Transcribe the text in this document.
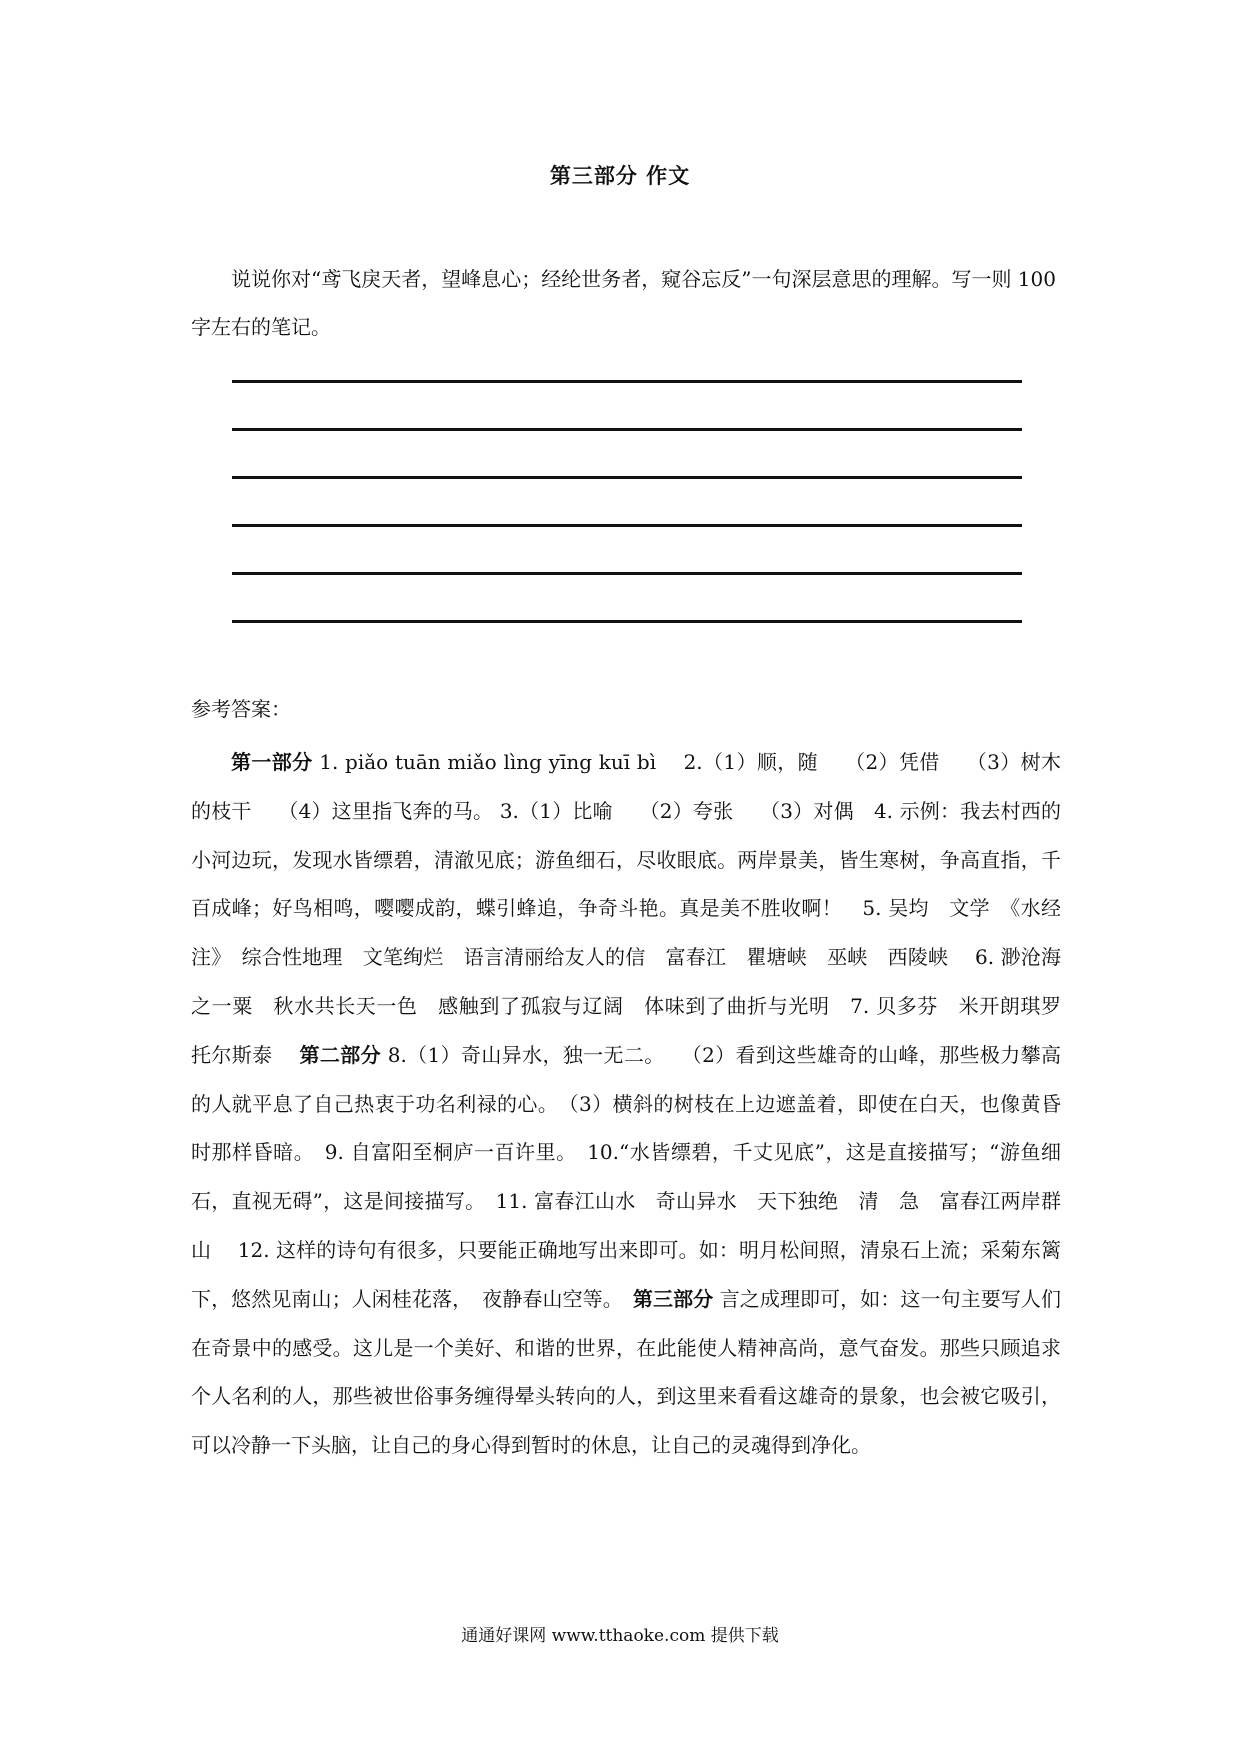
第三部分 作文

说说你对“鸢飞戾天者，望峰息心；经纶世务者，窥谷忘反”一句深层意思的理解。写一则 100 字左右的笔记。

参考答案：

第一部分 1. piǎo tuān miǎo lìng yīng kuī bì　 2.（1）顺，随　 （2）凭借　 （3）树木的枝干　 （4）这里指飞奔的马。 3.（1）比喻　 （2）夸张　 （3）对偶　4. 示例：我去村西的小河边玩，发现水皆缥碧，清澈见底；游鱼细石，尽收眼底。两岸景美，皆生寒树，争高直指，千百成峰；好鸟相鸣，嘤嘤成韵，蝶引蜂追，争奇斗艳。真是美不胜收啊！　5. 吴均　文学　《水经注》　综合性地理　文笔绚烂　语言清丽给友人的信　富春江　瞿塘峡　巫峡　西陵峡　 6. 渺沧海之一粟　秋水共长天一色　感触到了孤寂与辽阔　体味到了曲折与光明　7. 贝多芬　米开朗琪罗　托尔斯泰　 第二部分 8.（1）奇山异水，独一无二。　 （2）看到这些雄奇的山峰，那些极力攀高的人就平息了自己热衷于功名利禄的心。　（3）横斜的树枝在上边遮盖着，即使在白天，也像黄昏时那样昏暗。　9. 自富阳至桐庐一百许里。　10.“水皆缥碧，千丈见底”，这是直接描写；“游鱼细石，直视无碍”，这是间接描写。　11. 富春江山水　奇山异水　天下独绝　清　急　富春江两岸群山　 12. 这样的诗句有很多，只要能正确地写出来即可。如：明月松间照，清泉石上流；采菊东篱下，悠然见南山；人闲桂花落，　夜静春山空等。　第三部分 言之成理即可，如：这一句主要写人们在奇景中的感受。这儿是一个美好、和谐的世界，在此能使人精神高尚，意气奋发。那些只顾追求个人名利的人，那些被世俗事务缠得晕头转向的人，到这里来看看这雄奇的景象，也会被它吸引，可以冷静一下头脑，让自己的身心得到暂时的休息，让自己的灵魂得到净化。

通通好课网 www.tthaoke.com 提供下载
